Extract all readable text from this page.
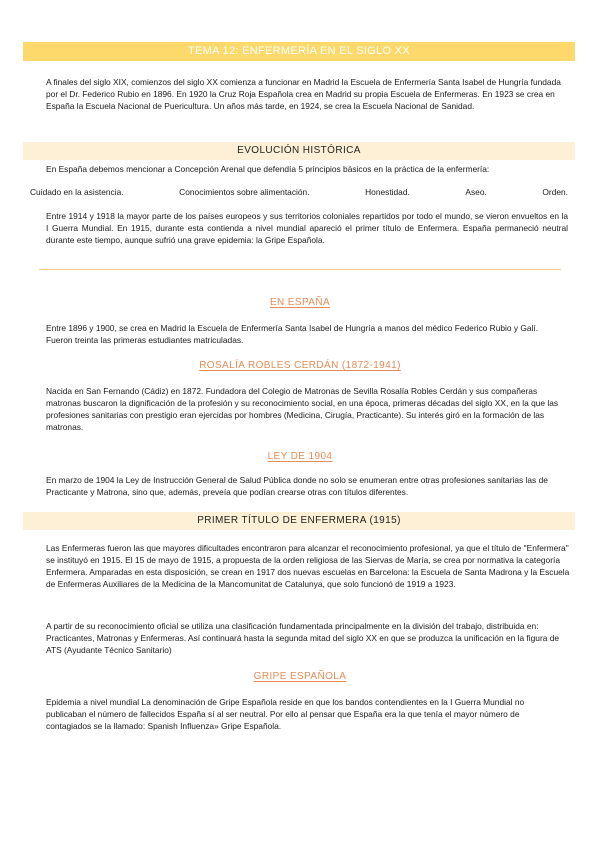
TEMA 12: ENFERMERÍA EN EL SIGLO XX

A finales del siglo XIX, comienzos del siglo XX comienza a funcionar en Madrid la Escuela de Enfermería Santa Isabel de Hungría fundada por el Dr. Federico Rubio en 1896. En 1920 la Cruz Roja Española crea en Madrid su propia Escuela de Enfermeras. En 1923 se crea en España la Escuela Nacional de Puericultura. Un años más tarde, en 1924, se crea la Escuela Nacional de Sanidad.

EVOLUCIÓN HISTÓRICA

En España debemos mencionar a Concepción Arenal que defendía 5 principios básicos en la práctica de la enfermería:

Cuidado en la asistencia.	Conocimientos sobre alimentación.	Honestidad.	Aseo.	Orden.

Entre 1914 y 1918 la mayor parte de los países europeos y sus territorios coloniales repartidos por todo el mundo, se vieron envueltos en la I Guerra Mundial. En 1915, durante esta contienda a nivel mundial apareció el primer título de Enfermera. España permaneció neutral durante este tiempo, aunque sufrió una grave epidemia: la Gripe Española.

EN ESPAÑA

Entre 1896 y 1900, se crea en Madrid la Escuela de Enfermería Santa Isabel de Hungría a manos del médico Federico Rubio y Galí. Fueron treinta las primeras estudiantes matriculadas.

ROSALÍA ROBLES CERDÁN (1872-1941)

Nacida en San Fernando (Cádiz) en 1872. Fundadora del Colegio de Matronas de Sevilla Rosalía Robles Cerdán y sus compañeras matronas buscaron la dignificación de la profesión y su reconocimiento social, en una época, primeras décadas del siglo XX, en la que las profesiones sanitarias con prestigio eran ejercidas por hombres (Medicina, Cirugía, Practicante). Su interés giró en la formación de las matronas.

LEY DE 1904

En marzo de 1904 la Ley de Instrucción General de Salud Pública donde no solo se enumeran entre otras profesiones sanitarias las de Practicante y Matrona, sino que, además, preveía que podían crearse otras con títulos diferentes.

PRIMER TÍTULO DE ENFERMERA (1915)

Las Enfermeras fueron las que mayores dificultades encontraron para alcanzar el reconocimiento profesional, ya que el título de "Enfermera" se instituyó en 1915. El 15 de mayo de 1915, a propuesta de la orden religiosa de las Siervas de María, se crea por normativa la categoría Enfermera. Amparadas en esta disposición, se crean en 1917 dos nuevas escuelas en Barcelona: la Escuela de Santa Madrona y la Escuela de Enfermeras Auxiliares de la Medicina de la Mancomunitat de Catalunya, que solo funcionó de 1919 a 1923.

A partir de su reconocimiento oficial se utiliza una clasificación fundamentada principalmente en la división del trabajo, distribuida en: Practicantes, Matronas y Enfermeras. Así continuará hasta la segunda mitad del siglo XX en que se produzca la unificación en la figura de ATS (Ayudante Técnico Sanitario)

GRIPE ESPAÑOLA

Epidemia a nivel mundial La denominación de Gripe Española reside en que los bandos contendientes en la I Guerra Mundial no publicaban el número de fallecidos España sí al ser neutral. Por ello al pensar que España era la que tenía el mayor número de contagiados se la llamado: Spanish Influenza» Gripe Española.
